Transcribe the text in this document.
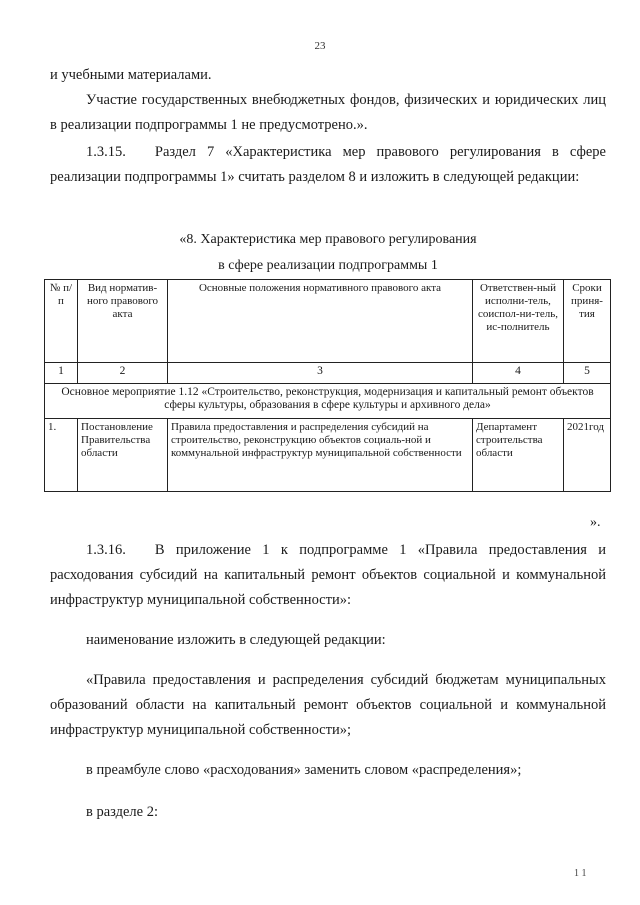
23
и учебными материалами.
Участие государственных внебюджетных фондов, физических и юридических лиц в реализации подпрограммы 1 не предусмотрено.».
1.3.15.  Раздел 7 «Характеристика мер правового регулирования в сфере реализации подпрограммы 1» считать разделом 8 и изложить в следующей редакции:
«8. Характеристика мер правового регулирования
в сфере реализации подпрограммы 1
№ п/п	Вид норматив-ного правового акта	Основные положения нормативного правового акта	Ответствен-ный исполни-тель, соиспол-ни-тель, ис-полнитель	Сроки приня-тия
1	2	3	4	5
Основное мероприятие 1.12 «Строительство, реконструкция, модернизация и капитальный ремонт объектов сферы культуры, образования в сфере культуры и архивного дела»				
1.	Постановление Правительства области	Правила предоставления и распределения субсидий на строительство, реконструкцию объектов социаль-ной и коммунальной инфраструктур муниципальной собственности	Департамент строительства области	2021год
».
1.3.16.  В приложение 1 к подпрограмме 1 «Правила предоставления и расходования субсидий на капитальный ремонт объектов социальной и коммунальной инфраструктур муниципальной собственности»:
наименование изложить в следующей редакции:
«Правила предоставления и распределения субсидий бюджетам муниципальных образований области на капитальный ремонт объектов социальной и коммунальной инфраструктур муниципальной собственности»;
в преамбуле слово «расходования» заменить словом «распределения»;
в разделе 2:
1 1
